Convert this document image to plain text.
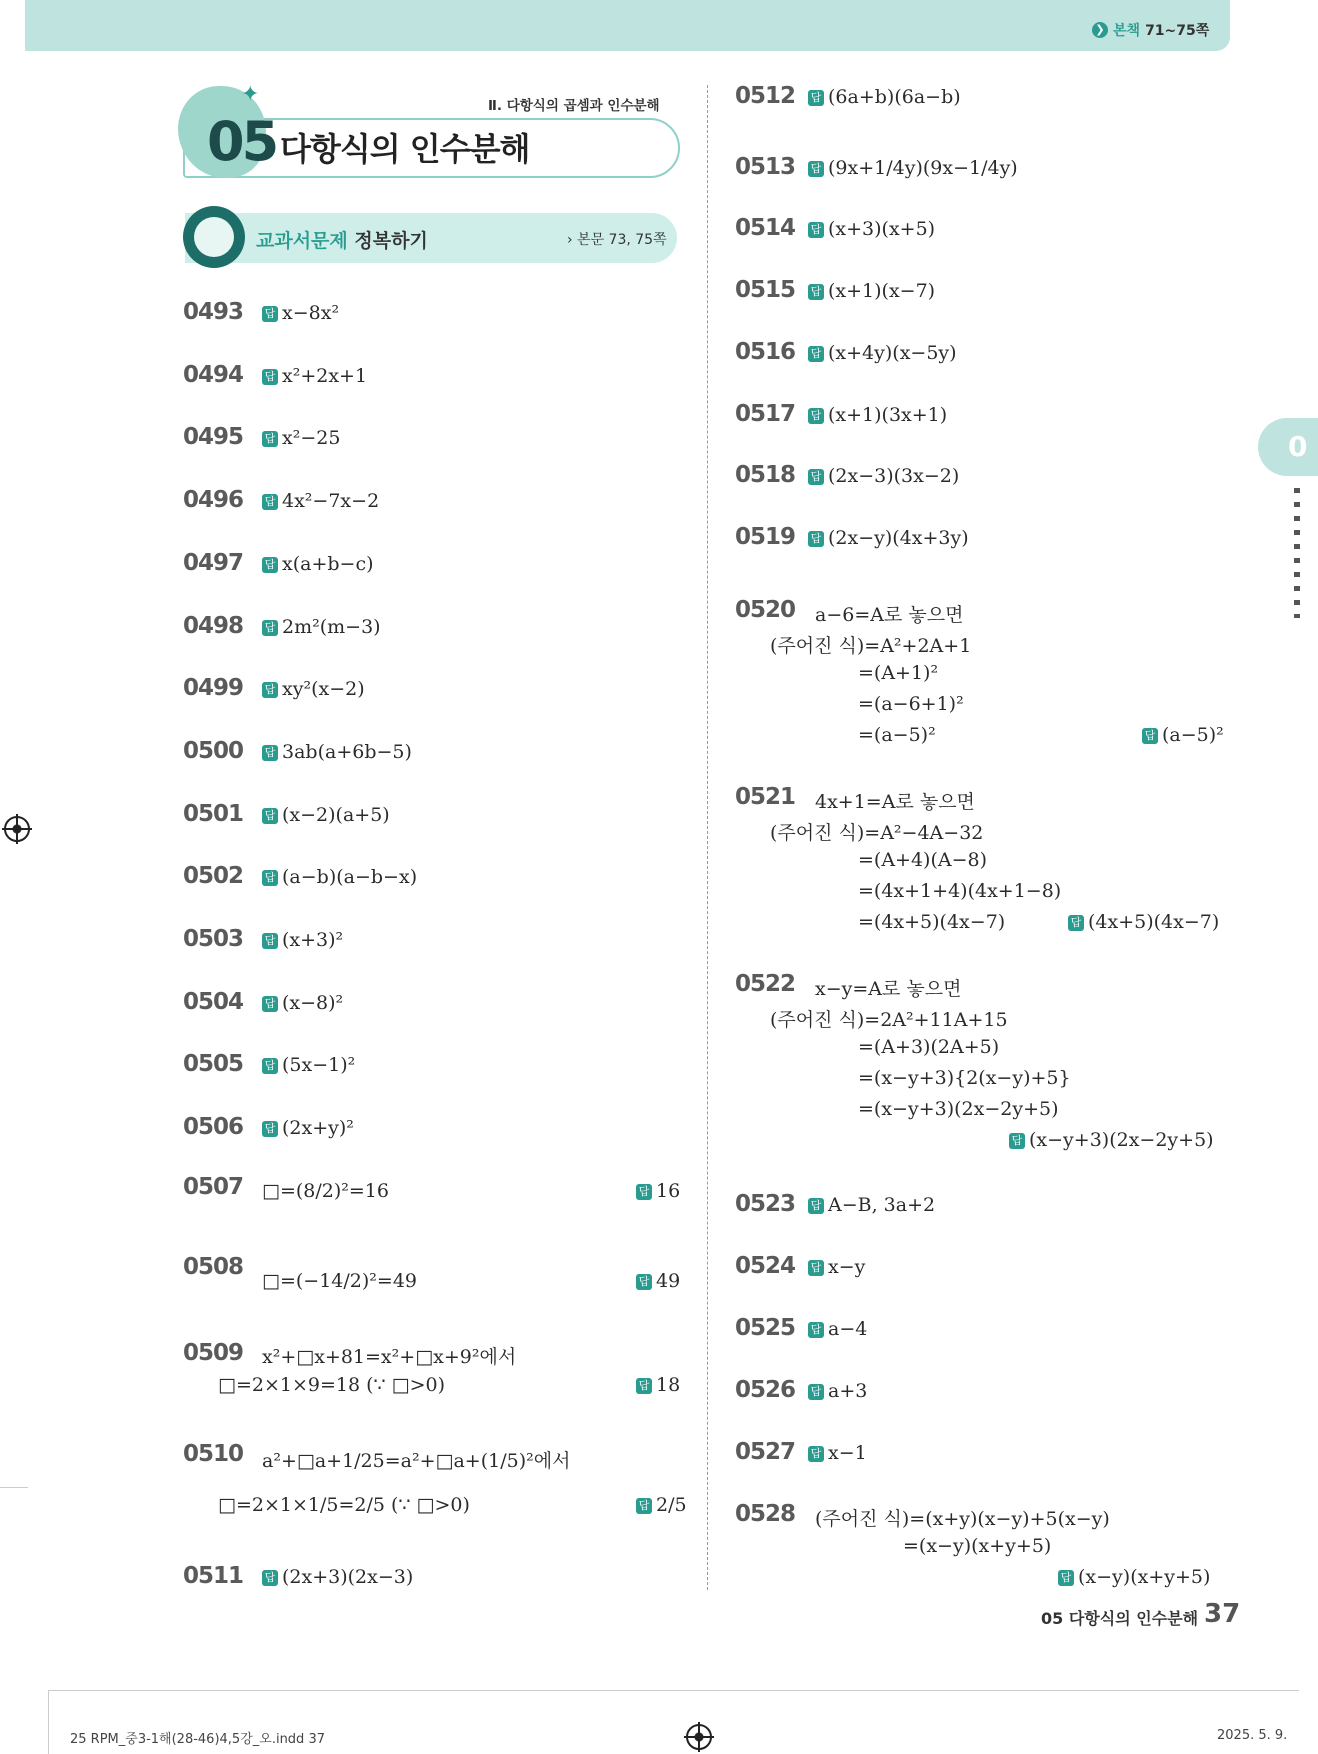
❯ 본책 71~75쪽
0
Ⅱ. 다항식의 곱셈과 인수분해
✦
05 다항식의 인수분해
교과서문제 정복하기	› 본문 73, 75쪽
0493 답 x−8x²
0494 답 x²+2x+1
0495 답 x²−25
0496 답 4x²−7x−2
0497 답 x(a+b−c)
0498 답 2m²(m−3)
0499 답 xy²(x−2)
0500 답 3ab(a+6b−5)
0501 답 (x−2)(a+5)
0502 답 (a−b)(a−b−x)
0503 답 (x+3)²
0504 답 (x−8)²
0505 답 (5x−1)²
0506 답 (2x+y)²
0507 □=(8/2)²=16	답 16
0508
□=(−14/2)²=49	답 49
0509 x²+□x+81=x²+□x+9²에서
□=2×1×9=18 (∵ □>0)	답 18
0510 a²+□a+1/25=a²+□a+(1/5)²에서
□=2×1×1/5=2/5 (∵ □>0)	답 2/5
0511 답 (2x+3)(2x−3)
0512 답 (6a+b)(6a−b)
0513 답 (9x+1/4y)(9x−1/4y)
0514 답 (x+3)(x+5)
0515 답 (x+1)(x−7)
0516 답 (x+4y)(x−5y)
0517 답 (x+1)(3x+1)
0518 답 (2x−3)(3x−2)
0519 답 (2x−y)(4x+3y)
0520 a−6=A로 놓으면
(주어진 식)=A²+2A+1
=(A+1)²
=(a−6+1)²
=(a−5)²	답 (a−5)²
0521 4x+1=A로 놓으면
(주어진 식)=A²−4A−32
=(A+4)(A−8)
=(4x+1+4)(4x+1−8)
=(4x+5)(4x−7)	답 (4x+5)(4x−7)
0522 x−y=A로 놓으면
(주어진 식)=2A²+11A+15
=(A+3)(2A+5)
=(x−y+3){2(x−y)+5}
=(x−y+3)(2x−2y+5)
답 (x−y+3)(2x−2y+5)
0523 답 A−B, 3a+2
0524 답 x−y
0525 답 a−4
0526 답 a+3
0527 답 x−1
0528 (주어진 식)=(x+y)(x−y)+5(x−y)
=(x−y)(x+y+5)
답 (x−y)(x+y+5)
05 다항식의 인수분해 37
25 RPM_중3-1해(28-46)4,5강_오.indd 37	2025. 5. 9.
